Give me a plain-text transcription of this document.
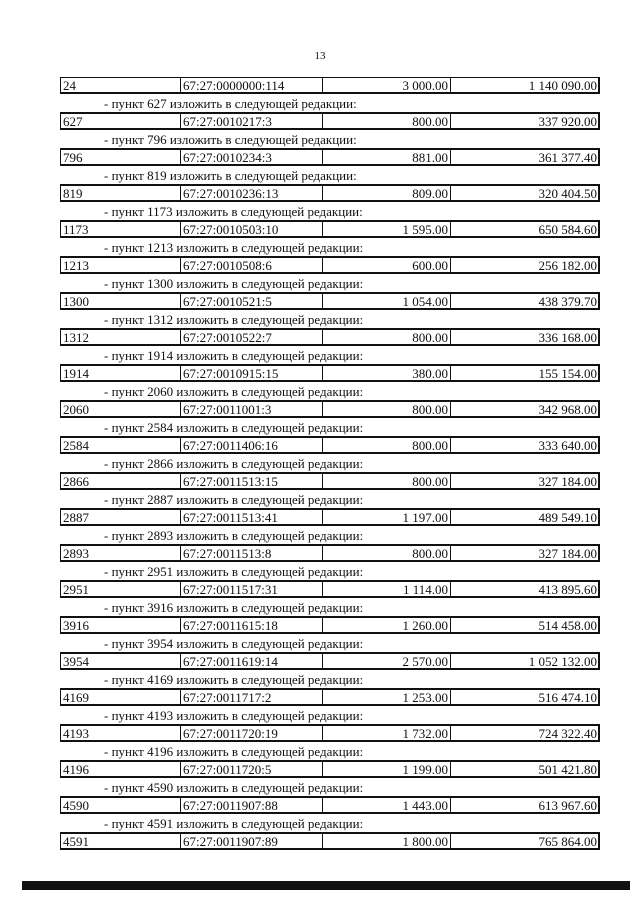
13
24	67:27:0000000:114	3 000.00	1 140 090.00
- пункт 627 изложить в следующей редакции:
627	67:27:0010217:3	800.00	337 920.00
- пункт 796 изложить в следующей редакции:
796	67:27:0010234:3	881.00	361 377.40
- пункт 819 изложить в следующей редакции:
819	67:27:0010236:13	809.00	320 404.50
- пункт 1173 изложить в следующей редакции:
1173	67:27:0010503:10	1 595.00	650 584.60
- пункт 1213 изложить в следующей редакции:
1213	67:27:0010508:6	600.00	256 182.00
- пункт 1300 изложить в следующей редакции:
1300	67:27:0010521:5	1 054.00	438 379.70
- пункт 1312 изложить в следующей редакции:
1312	67:27:0010522:7	800.00	336 168.00
- пункт 1914 изложить в следующей редакции:
1914	67:27:0010915:15	380.00	155 154.00
- пункт 2060 изложить в следующей редакции:
2060	67:27:0011001:3	800.00	342 968.00
- пункт 2584 изложить в следующей редакции:
2584	67:27:0011406:16	800.00	333 640.00
- пункт 2866 изложить в следующей редакции:
2866	67:27:0011513:15	800.00	327 184.00
- пункт 2887 изложить в следующей редакции:
2887	67:27:0011513:41	1 197.00	489 549.10
- пункт 2893 изложить в следующей редакции:
2893	67:27:0011513:8	800.00	327 184.00
- пункт 2951 изложить в следующей редакции:
2951	67:27:0011517:31	1 114.00	413 895.60
- пункт 3916 изложить в следующей редакции:
3916	67:27:0011615:18	1 260.00	514 458.00
- пункт 3954 изложить в следующей редакции:
3954	67:27:0011619:14	2 570.00	1 052 132.00
- пункт 4169 изложить в следующей редакции:
4169	67:27:0011717:2	1 253.00	516 474.10
- пункт 4193 изложить в следующей редакции:
4193	67:27:0011720:19	1 732.00	724 322.40
- пункт 4196 изложить в следующей редакции:
4196	67:27:0011720:5	1 199.00	501 421.80
- пункт 4590 изложить в следующей редакции:
4590	67:27:0011907:88	1 443.00	613 967.60
- пункт 4591 изложить в следующей редакции:
4591	67:27:0011907:89	1 800.00	765 864.00
